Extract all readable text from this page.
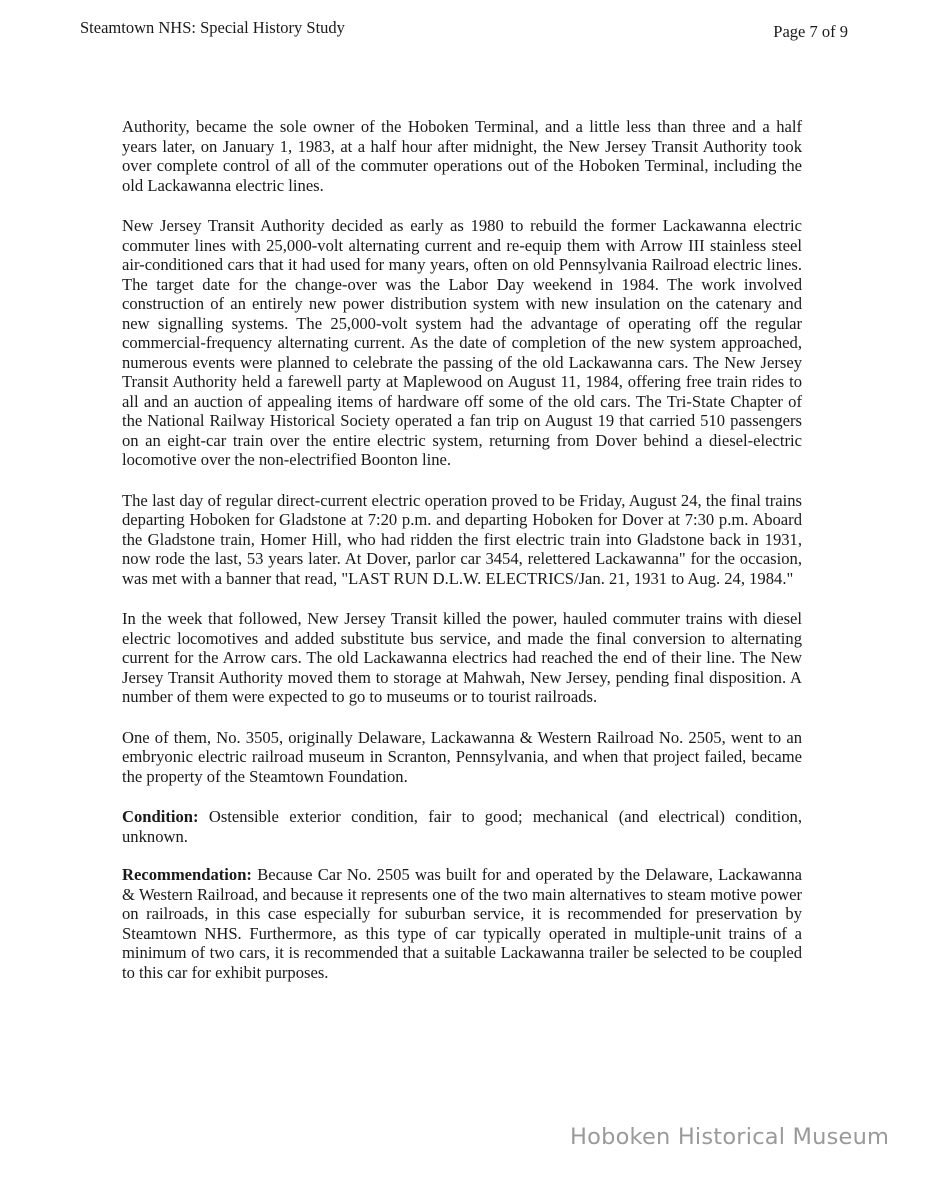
Steamtown NHS: Special History Study	Page 7 of 9

Authority, became the sole owner of the Hoboken Terminal, and a little less than three and a half years later, on January 1, 1983, at a half hour after midnight, the New Jersey Transit Authority took over complete control of all of the commuter operations out of the Hoboken Terminal, including the old Lackawanna electric lines.

New Jersey Transit Authority decided as early as 1980 to rebuild the former Lackawanna electric commuter lines with 25,000-volt alternating current and re-equip them with Arrow III stainless steel air-conditioned cars that it had used for many years, often on old Pennsylvania Railroad electric lines. The target date for the change-over was the Labor Day weekend in 1984. The work involved construction of an entirely new power distribution system with new insulation on the catenary and new signalling systems. The 25,000-volt system had the advantage of operating off the regular commercial-frequency alternating current. As the date of completion of the new system approached, numerous events were planned to celebrate the passing of the old Lackawanna cars. The New Jersey Transit Authority held a farewell party at Maplewood on August 11, 1984, offering free train rides to all and an auction of appealing items of hardware off some of the old cars. The Tri-State Chapter of the National Railway Historical Society operated a fan trip on August 19 that carried 510 passengers on an eight-car train over the entire electric system, returning from Dover behind a diesel-electric locomotive over the non-electrified Boonton line.

The last day of regular direct-current electric operation proved to be Friday, August 24, the final trains departing Hoboken for Gladstone at 7:20 p.m. and departing Hoboken for Dover at 7:30 p.m. Aboard the Gladstone train, Homer Hill, who had ridden the first electric train into Gladstone back in 1931, now rode the last, 53 years later. At Dover, parlor car 3454, relettered Lackawanna" for the occasion, was met with a banner that read, "LAST RUN D.L.W. ELECTRICS/Jan. 21, 1931 to Aug. 24, 1984."

In the week that followed, New Jersey Transit killed the power, hauled commuter trains with diesel electric locomotives and added substitute bus service, and made the final conversion to alternating current for the Arrow cars. The old Lackawanna electrics had reached the end of their line. The New Jersey Transit Authority moved them to storage at Mahwah, New Jersey, pending final disposition. A number of them were expected to go to museums or to tourist railroads.

One of them, No. 3505, originally Delaware, Lackawanna & Western Railroad No. 2505, went to an embryonic electric railroad museum in Scranton, Pennsylvania, and when that project failed, became the property of the Steamtown Foundation.

Condition: Ostensible exterior condition, fair to good; mechanical (and electrical) condition, unknown.

Recommendation: Because Car No. 2505 was built for and operated by the Delaware, Lackawanna & Western Railroad, and because it represents one of the two main alternatives to steam motive power on railroads, in this case especially for suburban service, it is recommended for preservation by Steamtown NHS. Furthermore, as this type of car typically operated in multiple-unit trains of a minimum of two cars, it is recommended that a suitable Lackawanna trailer be selected to be coupled to this car for exhibit purposes.

Hoboken Historical Museum
